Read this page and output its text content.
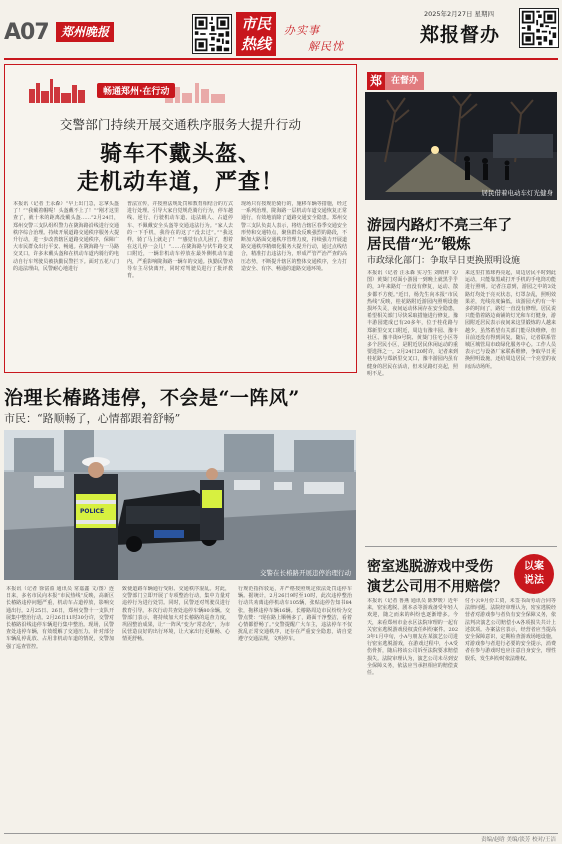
A07	郑州晚报	市民
热线
办实事
解民忧
2025年2月27日 星期四
郑报督办
畅通郑州·在行动
交警部门持续开展交通秩序服务大提升行动
骑车不戴头盔、
走机动车道，严查！
本报讯（记者 王永森）“早上出门急，忘拿头盔了！”“我戴着帽呢！头盔戴不上了！”“刚才这里查了，就十米的距离没戴头盔……”2月24日，郑州交警三支队组织警力在陇海路沿线进行交通秩序综合治理。持续开展道路交通秩序服务大提升行动，进一步改善辖区道路交通秩序，保障广大市民群众出行平安、畅通。在陇海路与一马路交叉口，许多未戴头盔和在机动车道内骑行的电动自行车驾驶员被执勤民警拦下。面对五花八门的违法理由，民警耐心地进行
普法宣传，并按照法规处罚和教育相结合的方式进行处理。引导大家自觉规范骑行行为，停车越线、逆行、行驶机动车道、违法载人、占道停车、不佩戴安全头盔等交通违法行为。“家人去的一下手机，我待在的这了“没去过”。”“我这样，骑了马上就走了！”“感觉有点儿困了，想着在这儿停一会儿！”……在陇海路与伏牛路交叉口附近，一辆非机动车停放在最外侧机动车道内，严重影响陇海路一辆车的交通。执勤民警劝导车主尽快离开，同时对驾驶员进行了批评教育。
现场只有按规范骑行的，施移车辆等措施，经过一系列治理，陇海路一层机动车道交通恢复正常通行，有效地消除了道路交通安全隐患。郑州交警三支队负责人表示，将结合辖区春季交通安全形势和交通特点，聚焦群众反映强烈的路段，不断加大路面交通秩序管理力度，持续强力开展道路交通秩序精细化服务大提升行动，通过点线结合，精准打击违法行为，形成严管严治严查的高压态势，不断提升辖区的整体交通秩序，全力打造安全、有序、畅通的道路交通环境。
郑	在督办
居民借着电动车灯光健身
游园内路灯不亮三年了
居民借“光”锻炼
市政绿化部门：争取早日更换照明设施
本报讯（记者 汪永森 实习生 刘晴祥 文/图）黄葵门对面小游园一到晚上就黑乎乎的，3年来路灯一直没有修复，运动、散步都不方便。”近日，杨先生向本报“市民热线”反映，桂花路附近游园内照明设施损坏失灵，夜间运动休闲存在安全隐患，希望相关部门尽快采取措施进行修复。豫丰游园建成已有20多年，位于桂花路与郑新里交叉口附近，周边有豫丰园、豫丰社区、豫丰街9号院、黄葵门住宅小区等多个居民小区，是附近居民休闲运动的重要选择之一。2月24日20时许，记者来到桂花路与郑新里交叉口，豫丰游园内虽有健身的居民在活动，但未见路灯亮起，照明不足。
来这里打篮球再亮起，周边居民平时到此运动，只能靠黑咸打开手机的手电筒功能进行照明。记者注意到，游园之中的3处路灯均处于亮灭状态，灯罩杂乱，照明效果差，光线亮度偏低。该游园大约有一年多的时间了，路灯一直没有修理。居民说只能借着路边商铺的灯光和车灯健身，游园附近居民表示夜间来这里锻炼的人越来越少，虽然希望有关部门能尽快维修，但目前还没有得到回复。随后，记者联系管城区城管局市政绿化服务中心。工作人员表示已与设备厂家联系维修，争取早日更换照明设施，还给周边居民一个亮堂的夜间活动场所。
治理长椿路违停，不会是“一阵风”
市民：“路顺畅了，心情都跟着舒畅”
POLICE
交警在长椿路开展违停治理行动
本报讯（记者 徐富盈 通讯员 常嘉鑫 文/图）连日来，多名市民向本报“市民热线”反映，高新区长椿路违停问题严重，机动车占道停放，影响交通出行。2月25日、26日，郑州交警十一支队开展集中整治行动。2月26日11时30分许，交警对长椿路沿线违停车辆进行集中整治。现场，民警查处违停车辆，有效缓解了交通压力。针对部分车辆乱停乱放、占用非机动车道的情况，交警加强了巡查管控。
致使道路车辆通行受阻、交通秩序混乱。对此，交警部门立即开展了专项整治行动，集中力量对违停行为进行处罚。同时，民警还对驾驶员进行教育引导。本次行动共查处违停车辆80余辆。交警部门表示，将持续加大对长椿路的巡查力度，巩固整治成果，让“一阵风”变为“常态化”，为市民营造良好的出行环境，让大家出行更顺畅、心情更舒畅。
行规范指挥驳运，并严格按照规定依法处罚违停车辆。据统计，2月26日9时至10时，此次违停整治行动共劝离违停机动车105辆，张贴违停告知书84张，拖移违停车辆16辆。长椿路周边市民纷纷为交警点赞：“现在路上顺畅多了，路面干净整洁，看着心情都舒畅了。”交警提醒广大车主，违法停车不仅扰乱正常交通秩序，还存在严重安全隐患，请自觉遵守交通法规，文明停车。
以案
说法
密室逃脱游戏中受伤
演艺公司用不用赔偿？
本报讯（记者 鲁燕 通讯员 陈梦媛）近年来，密室逃脱、剧本杀等游戏备受年轻人欢迎，随之而来的纠纷也逐渐增多。今天，来看郑州市金水区法院审理的一起有关密室逃脱游戏侵权责任纠纷案件。2023年1月中旬，小A与朋友在某演艺公司进行密室逃脱游戏，在游戏过程中，小A受伤骨折，随后将该公司诉至法院要求赔偿损失。法院审理认为，演艺公司未尽到安全保障义务，依法应当承担相应的赔偿责任。
付小云9月份工资，未签书面劳动合同等法律问题。法院经审理认为，密室逃脱经营者对游戏参与者负有安全保障义务，依法判决演艺公司赔偿小A各项损失共计上述款项。办案法官表示，经营者应当提高安全保障意识，定期检查游戏场地设施，对游戏参与者进行必要的安全提示，消费者在参与游戏时也应注意自身安全，理性娱乐，发生纠纷时依法维权。
责编/赵晗 美编/淡芳 校对/王洁
